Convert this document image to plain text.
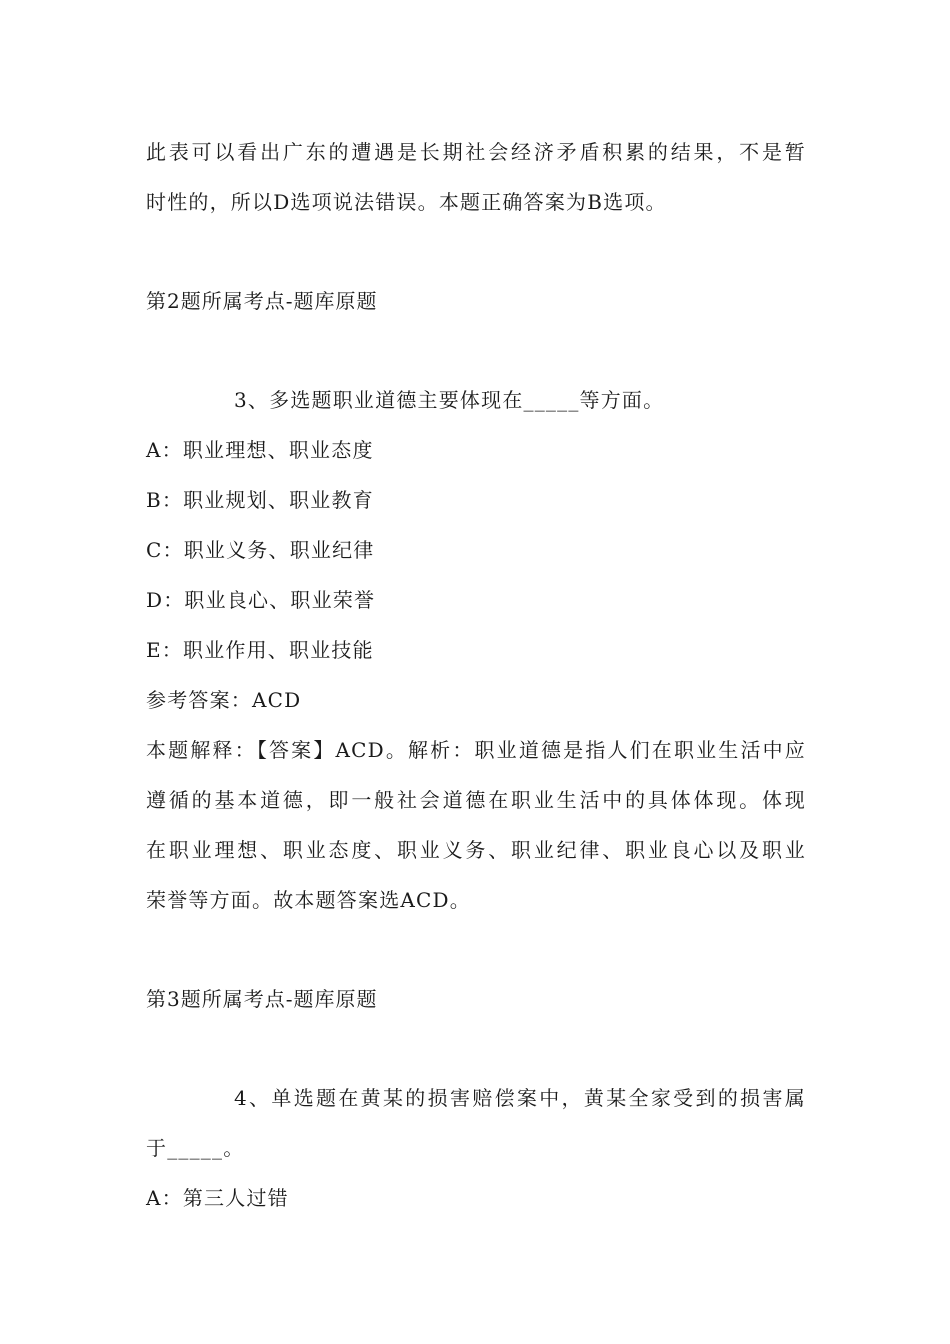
此表可以看出广东的遭遇是长期社会经济矛盾积累的结果，不是暂
时性的，所以D选项说法错误。本题正确答案为B选项。
第2题所属考点-题库原题
3、多选题职业道德主要体现在_____等方面。
A：职业理想、职业态度
B：职业规划、职业教育
C：职业义务、职业纪律
D：职业良心、职业荣誉
E：职业作用、职业技能
参考答案：ACD
本题解释：【答案】ACD。解析：职业道德是指人们在职业生活中应
遵循的基本道德，即一般社会道德在职业生活中的具体体现。体现
在职业理想、职业态度、职业义务、职业纪律、职业良心以及职业
荣誉等方面。故本题答案选ACD。
第3题所属考点-题库原题
4、单选题在黄某的损害赔偿案中，黄某全家受到的损害属
于_____。
A：第三人过错
